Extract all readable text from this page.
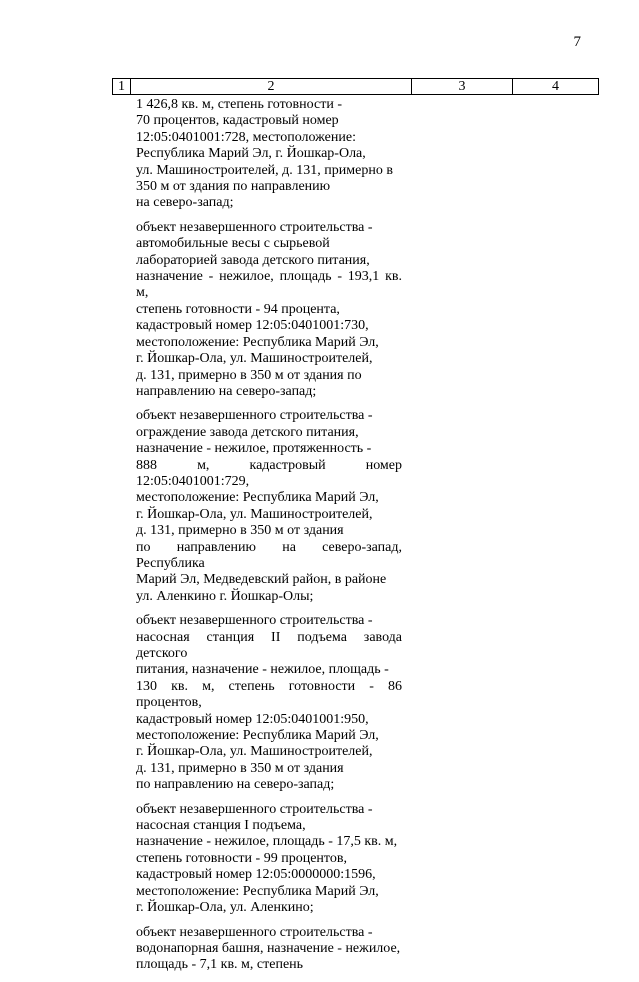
7
1	2	3	4

1 426,8 кв. м, степень готовности -
70 процентов, кадастровый номер
12:05:0401001:728, местоположение:
Республика Марий Эл, г. Йошкар-Ола,
ул. Машиностроителей, д. 131, примерно в
350 м от здания по направлению
на северо-запад;

объект незавершенного строительства -
автомобильные весы с сырьевой
лабораторией завода детского питания,
назначение - нежилое, площадь - 193,1 кв. м,
степень готовности - 94 процента,
кадастровый номер 12:05:0401001:730,
местоположение: Республика Марий Эл,
г. Йошкар-Ола, ул. Машиностроителей,
д. 131, примерно в 350 м от здания по
направлению на северо-запад;

объект незавершенного строительства -
ограждение завода детского питания,
назначение - нежилое, протяженность -
888 м, кадастровый номер 12:05:0401001:729,
местоположение: Республика Марий Эл,
г. Йошкар-Ола, ул. Машиностроителей,
д. 131, примерно в 350 м от здания
по направлению на северо-запад, Республика
Марий Эл, Медведевский район, в районе
ул. Аленкино г. Йошкар-Олы;

объект незавершенного строительства -
насосная станция II подъема завода детского
питания, назначение - нежилое, площадь -
130 кв. м, степень готовности - 86 процентов,
кадастровый номер 12:05:0401001:950,
местоположение: Республика Марий Эл,
г. Йошкар-Ола, ул. Машиностроителей,
д. 131, примерно в 350 м от здания
по направлению на северо-запад;

объект незавершенного строительства -
насосная станция I подъема,
назначение - нежилое, площадь - 17,5 кв. м,
степень готовности - 99 процентов,
кадастровый номер 12:05:0000000:1596,
местоположение: Республика Марий Эл,
г. Йошкар-Ола, ул. Аленкино;

объект незавершенного строительства -
водонапорная башня, назначение - нежилое,
площадь - 7,1 кв. м, степень
